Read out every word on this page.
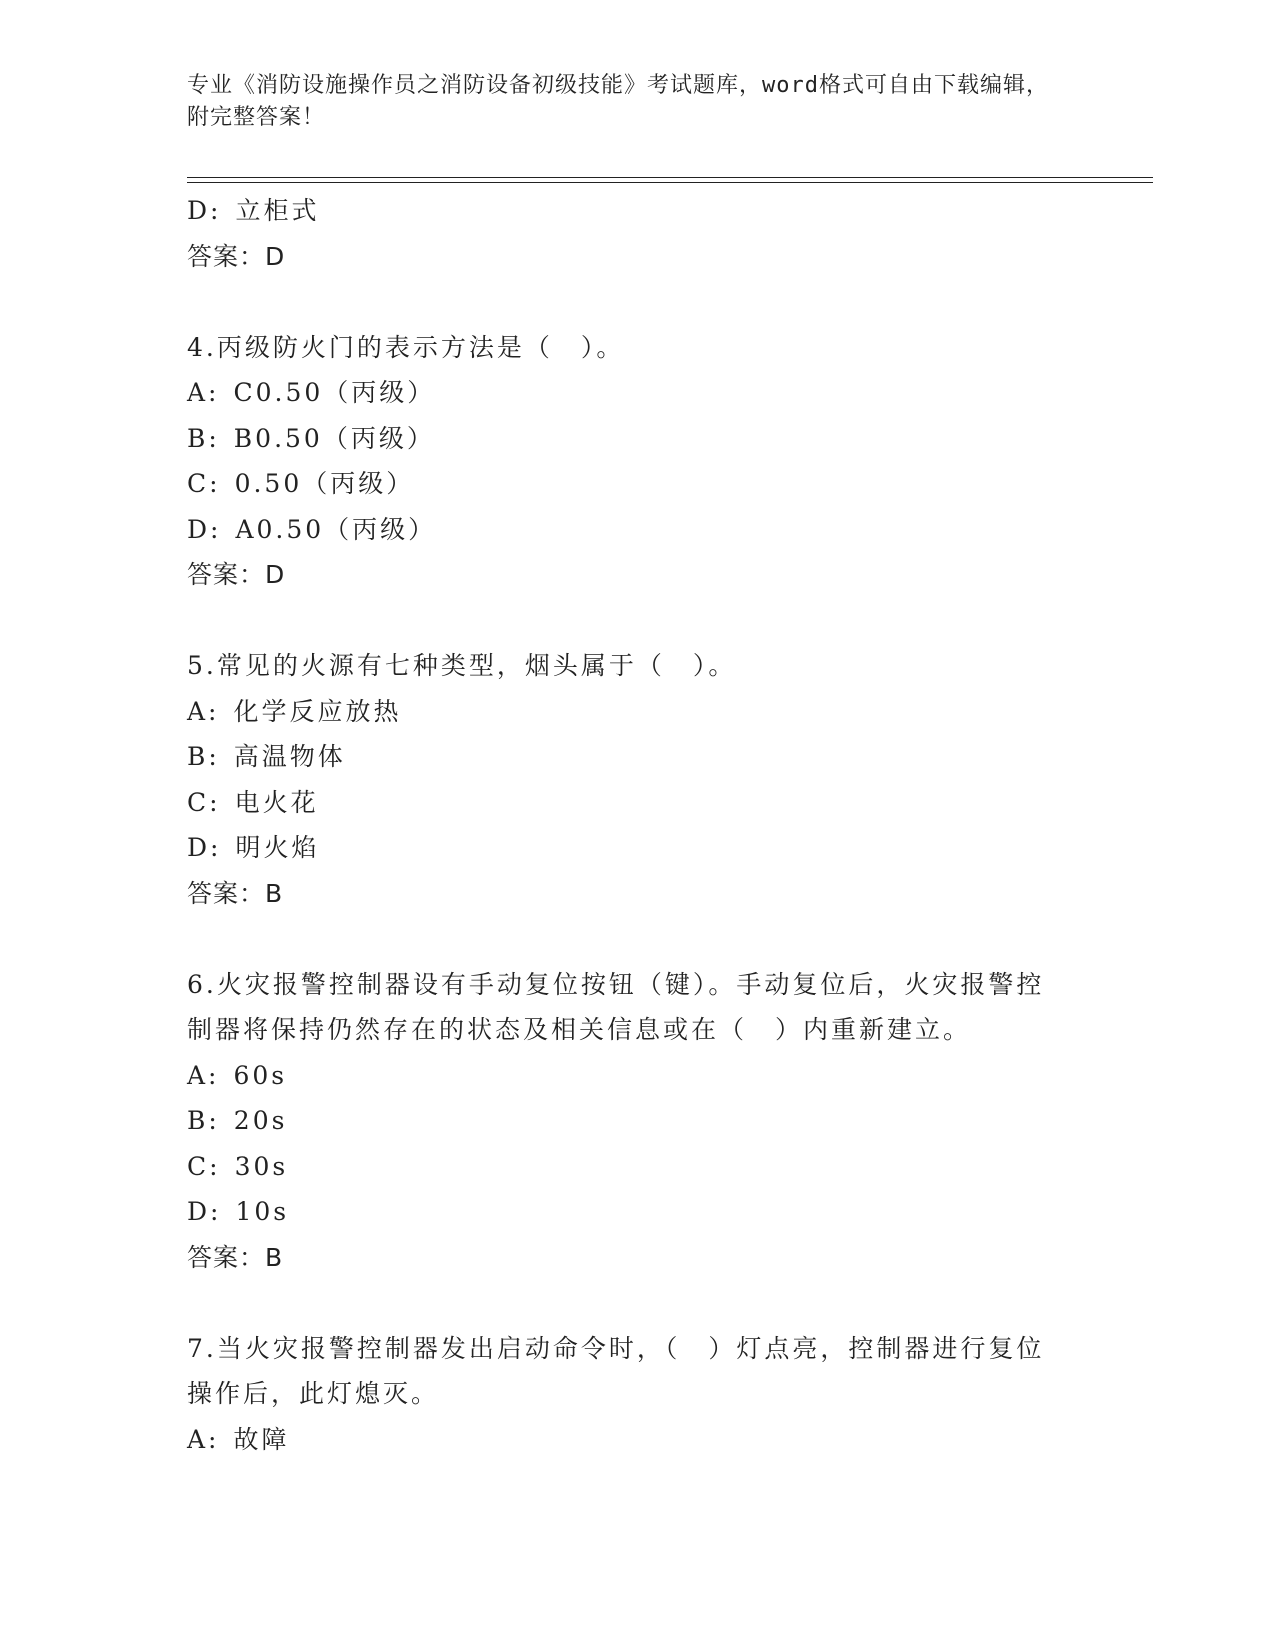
专业《消防设施操作员之消防设备初级技能》考试题库，word格式可自由下载编辑，附完整答案！
D: 立柜式
答案：D
4.丙级防火门的表示方法是（　）。
A: C0.50（丙级）
B: B0.50（丙级）
C: 0.50（丙级）
D: A0.50（丙级）
答案：D
5.常见的火源有七种类型，烟头属于（　）。
A: 化学反应放热
B: 高温物体
C: 电火花
D: 明火焰
答案：B
6.火灾报警控制器设有手动复位按钮（键）。手动复位后，火灾报警控制器将保持仍然存在的状态及相关信息或在（　）内重新建立。
A: 60s
B: 20s
C: 30s
D: 10s
答案：B
7.当火灾报警控制器发出启动命令时，（　）灯点亮，控制器进行复位操作后，此灯熄灭。
A: 故障
